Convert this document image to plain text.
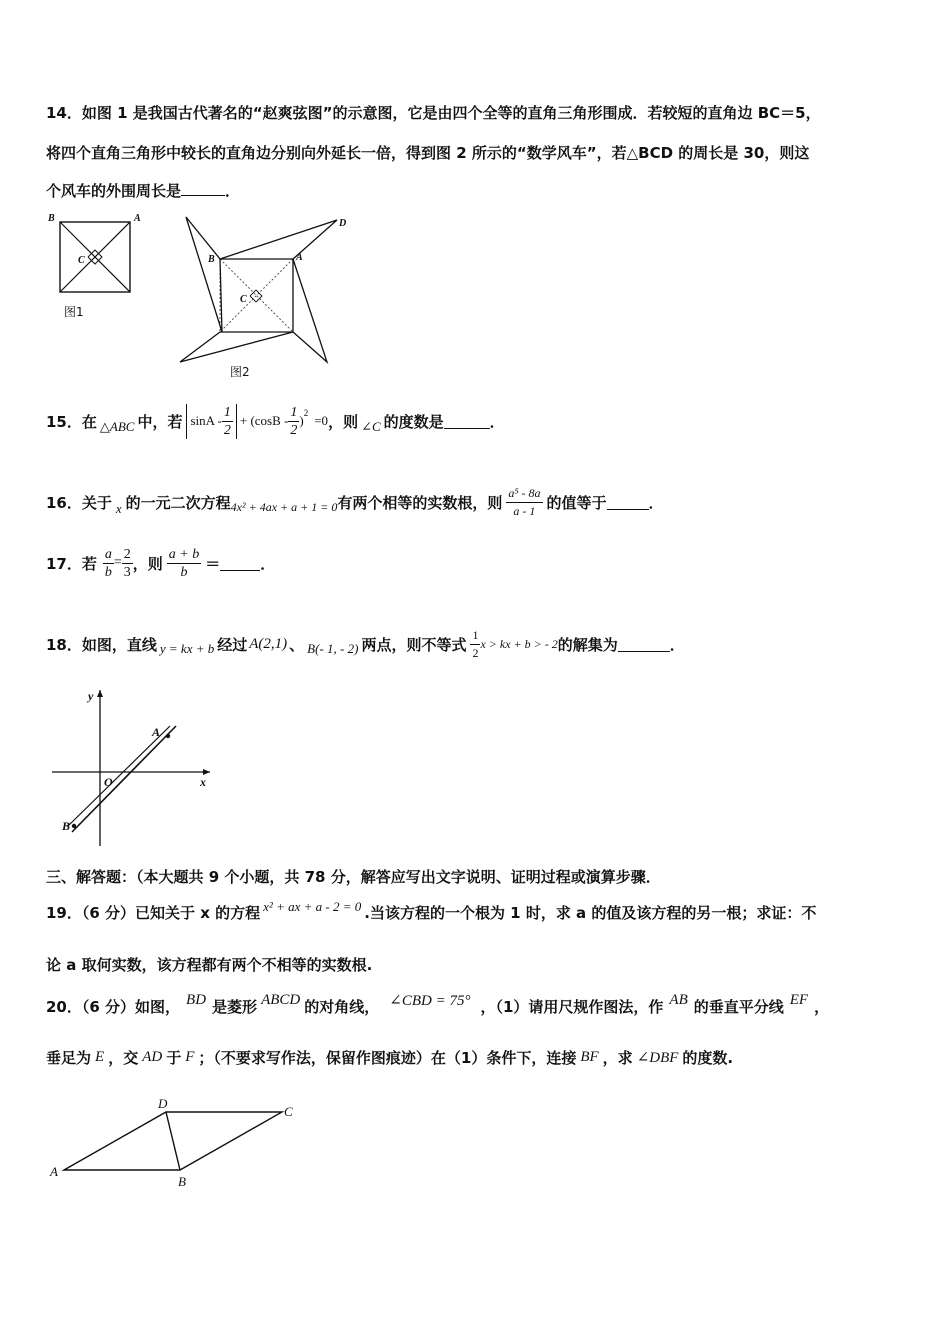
14．如图 1 是我国古代著名的“赵爽弦图”的示意图，它是由四个全等的直角三角形围成．若较短的直角边 BC＝5，
将四个直角三角形中较长的直角边分别向外延长一倍，得到图 2 所示的“数学风车”，若△BCD 的周长是 30，则这
个风车的外围周长是	．
B	A
C
图1
B	A
D
C
图2
15．在 △ABC 中，若 $\sin A - \frac{1}{2} + (\cos B - \frac{1}{2} )^2 =0$ ，则 ∠C 的度数是	．
16．关于 x 的一元二次方程 4x² + 4ax + a + 1 = 0 有两个相等的实数根，则 $\frac{\text{a⁵ - 8a}}{a - 1}$ 的值等于	．
17．若 $\frac{a}{b} = \frac{2}{3}$ ，则 $\frac{a + b}{b}$ ＝	．
18．如图，直线 y = kx + b 经过 A(2,1) 、 B(- 1, - 2) 两点，则不等式 $\frac{1}{2}$ x > kx + b > - 2 的解集为	．
y
x
O
A
B
三、解答题：（本大题共 9 个小题，共 78 分，解答应写出文字说明、证明过程或演算步骤．
19．（6 分）已知关于 x 的方程 x² + ax + a - 2 = 0 .当该方程的一个根为 1 时，求 a 的值及该方程的另一根；求证：不
论 a 取何实数，该方程都有两个不相等的实数根.
20．（6 分）如图， BD 是菱形 ABCD 的对角线， ∠CBD = 75° ，（1）请用尺规作图法，作 AB 的垂直平分线 EF ，
垂足为 E ，交 AD 于 F ；（不要求写作法，保留作图痕迹）在（1）条件下，连接 BF ，求 ∠DBF 的度数.
A
B
C
D
